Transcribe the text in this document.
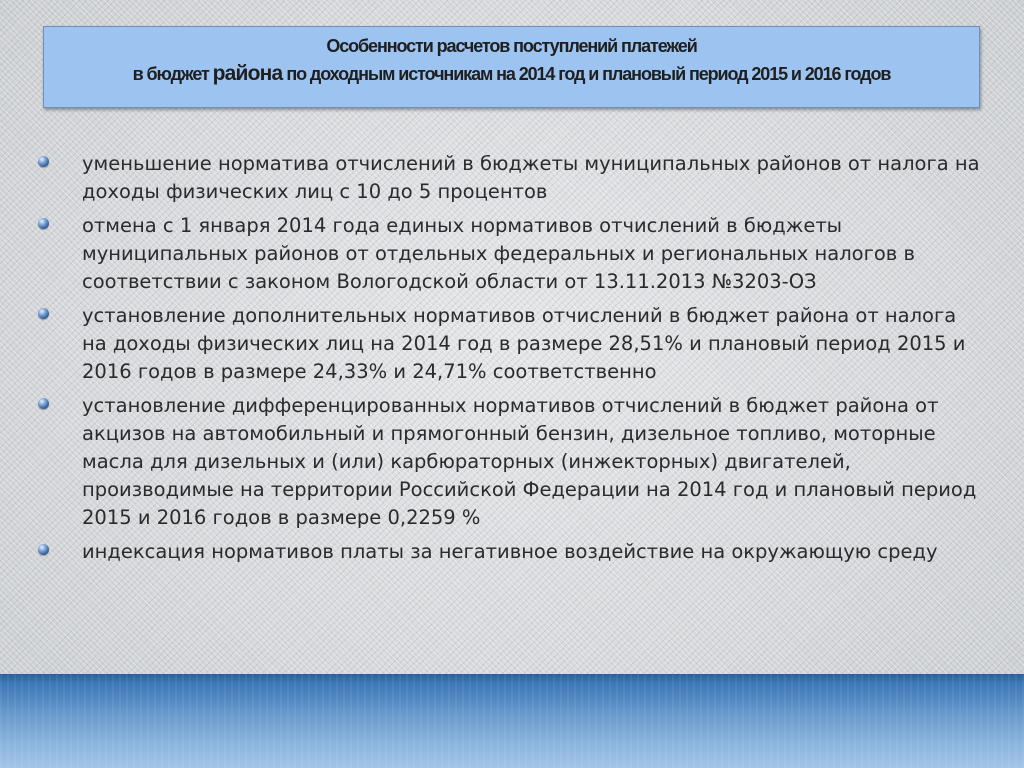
Особенности расчетов поступлений платежей
в бюджет района по доходным источникам на 2014 год и плановый период 2015 и 2016 годов
уменьшение норматива отчислений в бюджеты муниципальных районов от налога на доходы физических лиц с 10 до 5 процентов
отмена с 1 января 2014 года единых нормативов отчислений в бюджеты муниципальных районов от отдельных федеральных и региональных налогов в соответствии с законом Вологодской области от 13.11.2013 №3203-ОЗ
установление дополнительных нормативов отчислений в бюджет района от налога на доходы физических лиц на 2014 год в размере 28,51% и плановый период 2015 и 2016 годов в размере 24,33% и 24,71% соответственно
установление дифференцированных нормативов отчислений в бюджет района от акцизов на автомобильный и прямогонный бензин, дизельное топливо, моторные масла для дизельных и (или) карбюраторных (инжекторных) двигателей, производимые на территории Российской Федерации на 2014 год и плановый период 2015 и 2016 годов в размере 0,2259 %
индексация нормативов платы за негативное воздействие на окружающую среду
